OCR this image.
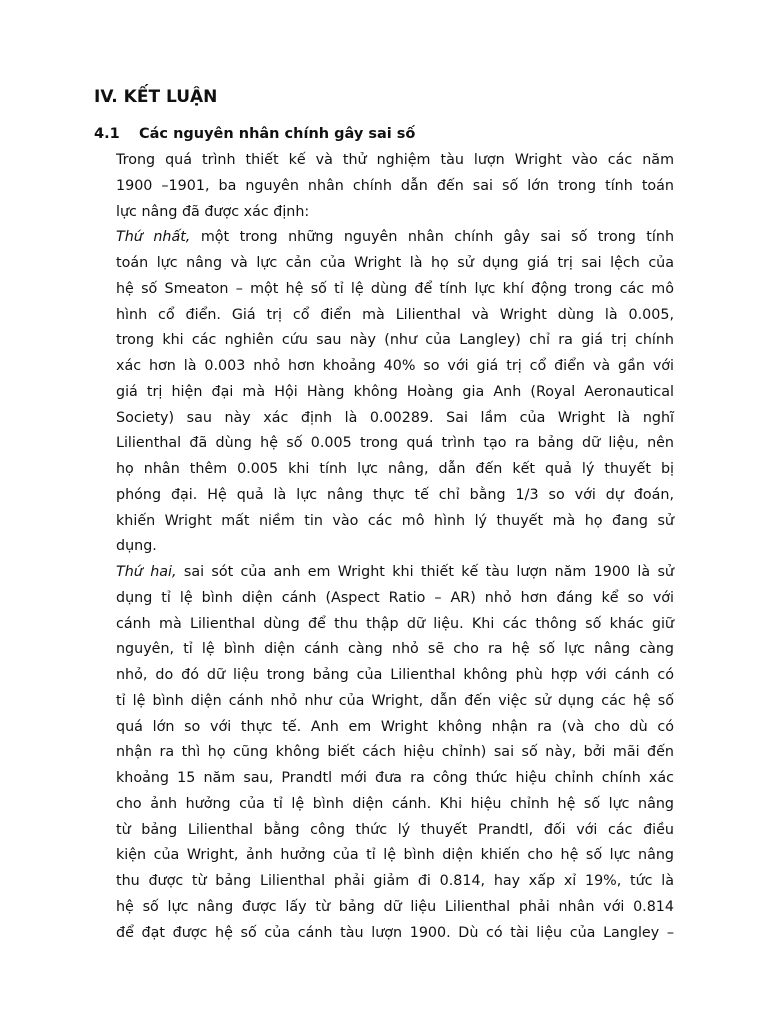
IV. KẾT LUẬN
4.1 Các nguyên nhân chính gây sai số
Trong quá trình thiết kế và thử nghiệm tàu lượn Wright vào các năm
1900 –1901, ba nguyên nhân chính dẫn đến sai số lớn trong tính toán
lực nâng đã được xác định:
Thứ nhất, một trong những nguyên nhân chính gây sai số trong tính
toán lực nâng và lực cản của Wright là họ sử dụng giá trị sai lệch của
hệ số Smeaton – một hệ số tỉ lệ dùng để tính lực khí động trong các mô
hình cổ điển. Giá trị cổ điển mà Lilienthal và Wright dùng là 0.005,
trong khi các nghiên cứu sau này (như của Langley) chỉ ra giá trị chính
xác hơn là 0.003 nhỏ hơn khoảng 40% so với giá trị cổ điển và gần với
giá trị hiện đại mà Hội Hàng không Hoàng gia Anh (Royal Aeronautical
Society) sau này xác định là 0.00289. Sai lầm của Wright là nghĩ
Lilienthal đã dùng hệ số 0.005 trong quá trình tạo ra bảng dữ liệu, nên
họ nhân thêm 0.005 khi tính lực nâng, dẫn đến kết quả lý thuyết bị
phóng đại. Hệ quả là lực nâng thực tế chỉ bằng 1/3 so với dự đoán,
khiến Wright mất niềm tin vào các mô hình lý thuyết mà họ đang sử
dụng.
Thứ hai, sai sót của anh em Wright khi thiết kế tàu lượn năm 1900 là sử
dụng tỉ lệ bình diện cánh (Aspect Ratio – AR) nhỏ hơn đáng kể so với
cánh mà Lilienthal dùng để thu thập dữ liệu. Khi các thông số khác giữ
nguyên, tỉ lệ bình diện cánh càng nhỏ sẽ cho ra hệ số lực nâng càng
nhỏ, do đó dữ liệu trong bảng của Lilienthal không phù hợp với cánh có
tỉ lệ bình diện cánh nhỏ như của Wright, dẫn đến việc sử dụng các hệ số
quá lớn so với thực tế. Anh em Wright không nhận ra (và cho dù có
nhận ra thì họ cũng không biết cách hiệu chỉnh) sai số này, bởi mãi đến
khoảng 15 năm sau, Prandtl mới đưa ra công thức hiệu chỉnh chính xác
cho ảnh hưởng của tỉ lệ bình diện cánh. Khi hiệu chỉnh hệ số lực nâng
từ bảng Lilienthal bằng công thức lý thuyết Prandtl, đối với các điều
kiện của Wright, ảnh hưởng của tỉ lệ bình diện khiến cho hệ số lực nâng
thu được từ bảng Lilienthal phải giảm đi 0.814, hay xấp xỉ 19%, tức là
hệ số lực nâng được lấy từ bảng dữ liệu Lilienthal phải nhân với 0.814
để đạt được hệ số của cánh tàu lượn 1900. Dù có tài liệu của Langley –
